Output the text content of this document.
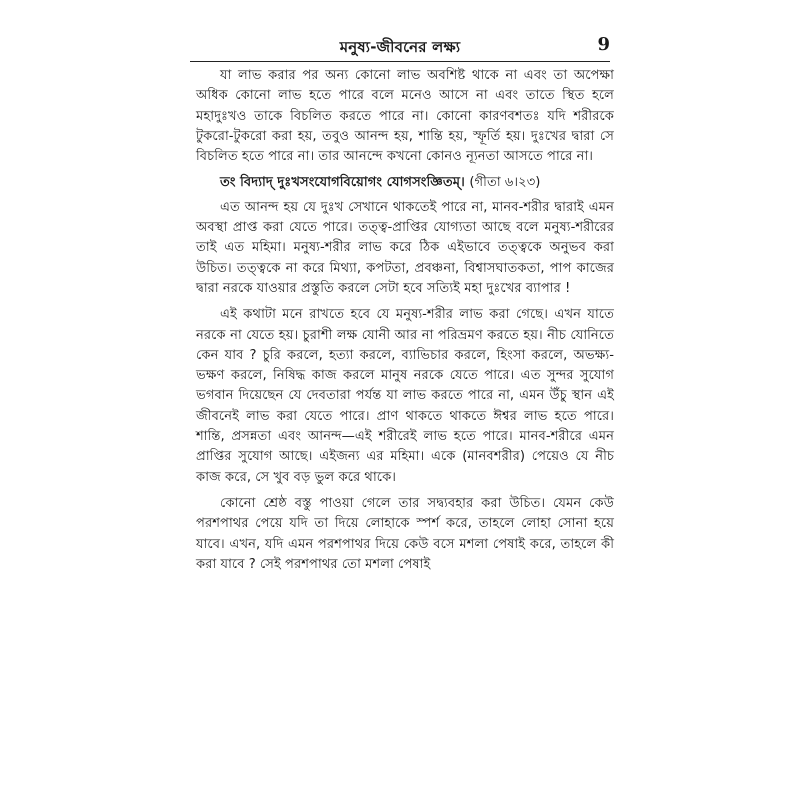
মনুষ্য-জীবনের লক্ষ্য	9

যা লাভ করার পর অন্য কোনো লাভ অবশিষ্ট থাকে না এবং তা অপেক্ষা অধিক কোনো লাভ হতে পারে বলে মনেও আসে না এবং তাতে স্থিত হলে মহাদুঃখও তাকে বিচলিত করতে পারে না। কোনো কারণবশতঃ যদি শরীরকে টুকরো-টুকরো করা হয়, তবুও আনন্দ হয়, শান্তি হয়, স্ফূর্তি হয়। দুঃখের দ্বারা সে বিচলিত হতে পারে না। তার আনন্দে কখনো কোনও ন্যূনতা আসতে পারে না।

তং বিদ্যাদ্ দুঃখসংযোগবিয়োগং যোগসংজ্ঞিতম্। (গীতা ৬।২৩)

এত আনন্দ হয় যে দুঃখ সেখানে থাকতেই পারে না, মানব-শরীর দ্বারাই এমন অবস্থা প্রাপ্ত করা যেতে পারে। তত্ত্ব-প্রাপ্তির যোগ্যতা আছে বলে মনুষ্য-শরীরের তাই এত মহিমা। মনুষ্য-শরীর লাভ করে ঠিক এইভাবে তত্ত্বকে অনুভব করা উচিত। তত্ত্বকে না করে মিথ্যা, কপটতা, প্রবঞ্চনা, বিশ্বাসঘাতকতা, পাপ কাজের দ্বারা নরকে যাওয়ার প্রস্তুতি করলে সেটা হবে সত্যিই মহা দুঃখের ব্যাপার !

এই কথাটা মনে রাখতে হবে যে মনুষ্য-শরীর লাভ করা গেছে। এখন যাতে নরকে না যেতে হয়। চুরাশী লক্ষ যোনী আর না পরিভ্রমণ করতে হয়। নীচ যোনিতে কেন যাব ? চুরি করলে, হত্যা করলে, ব্যাভিচার করলে, হিংসা করলে, অভক্ষ্য-ভক্ষণ করলে, নিষিদ্ধ কাজ করলে মানুষ নরকে যেতে পারে। এত সুন্দর সুযোগ ভগবান দিয়েছেন যে দেবতারা পর্যন্ত যা লাভ করতে পারে না, এমন উঁচু স্থান এই জীবনেই লাভ করা যেতে পারে। প্রাণ থাকতে থাকতে ঈশ্বর লাভ হতে পারে। শান্তি, প্রসন্নতা এবং আনন্দ—এই শরীরেই লাভ হতে পারে। মানব-শরীরে এমন প্রাপ্তির সুযোগ আছে। এইজন্য এর মহিমা। একে (মানবশরীর) পেয়েও যে নীচ কাজ করে, সে খুব বড় ভুল করে থাকে।

কোনো শ্রেষ্ঠ বস্তু পাওয়া গেলে তার সদ্ব্যবহার করা উচিত। যেমন কেউ পরশপাথর পেয়ে যদি তা দিয়ে লোহাকে স্পর্শ করে, তাহলে লোহা সোনা হয়ে যাবে। এখন, যদি এমন পরশপাথর দিয়ে কেউ বসে মশলা পেষাই করে, তাহলে কী করা যাবে ? সেই পরশপাথর তো মশলা পেষাই
